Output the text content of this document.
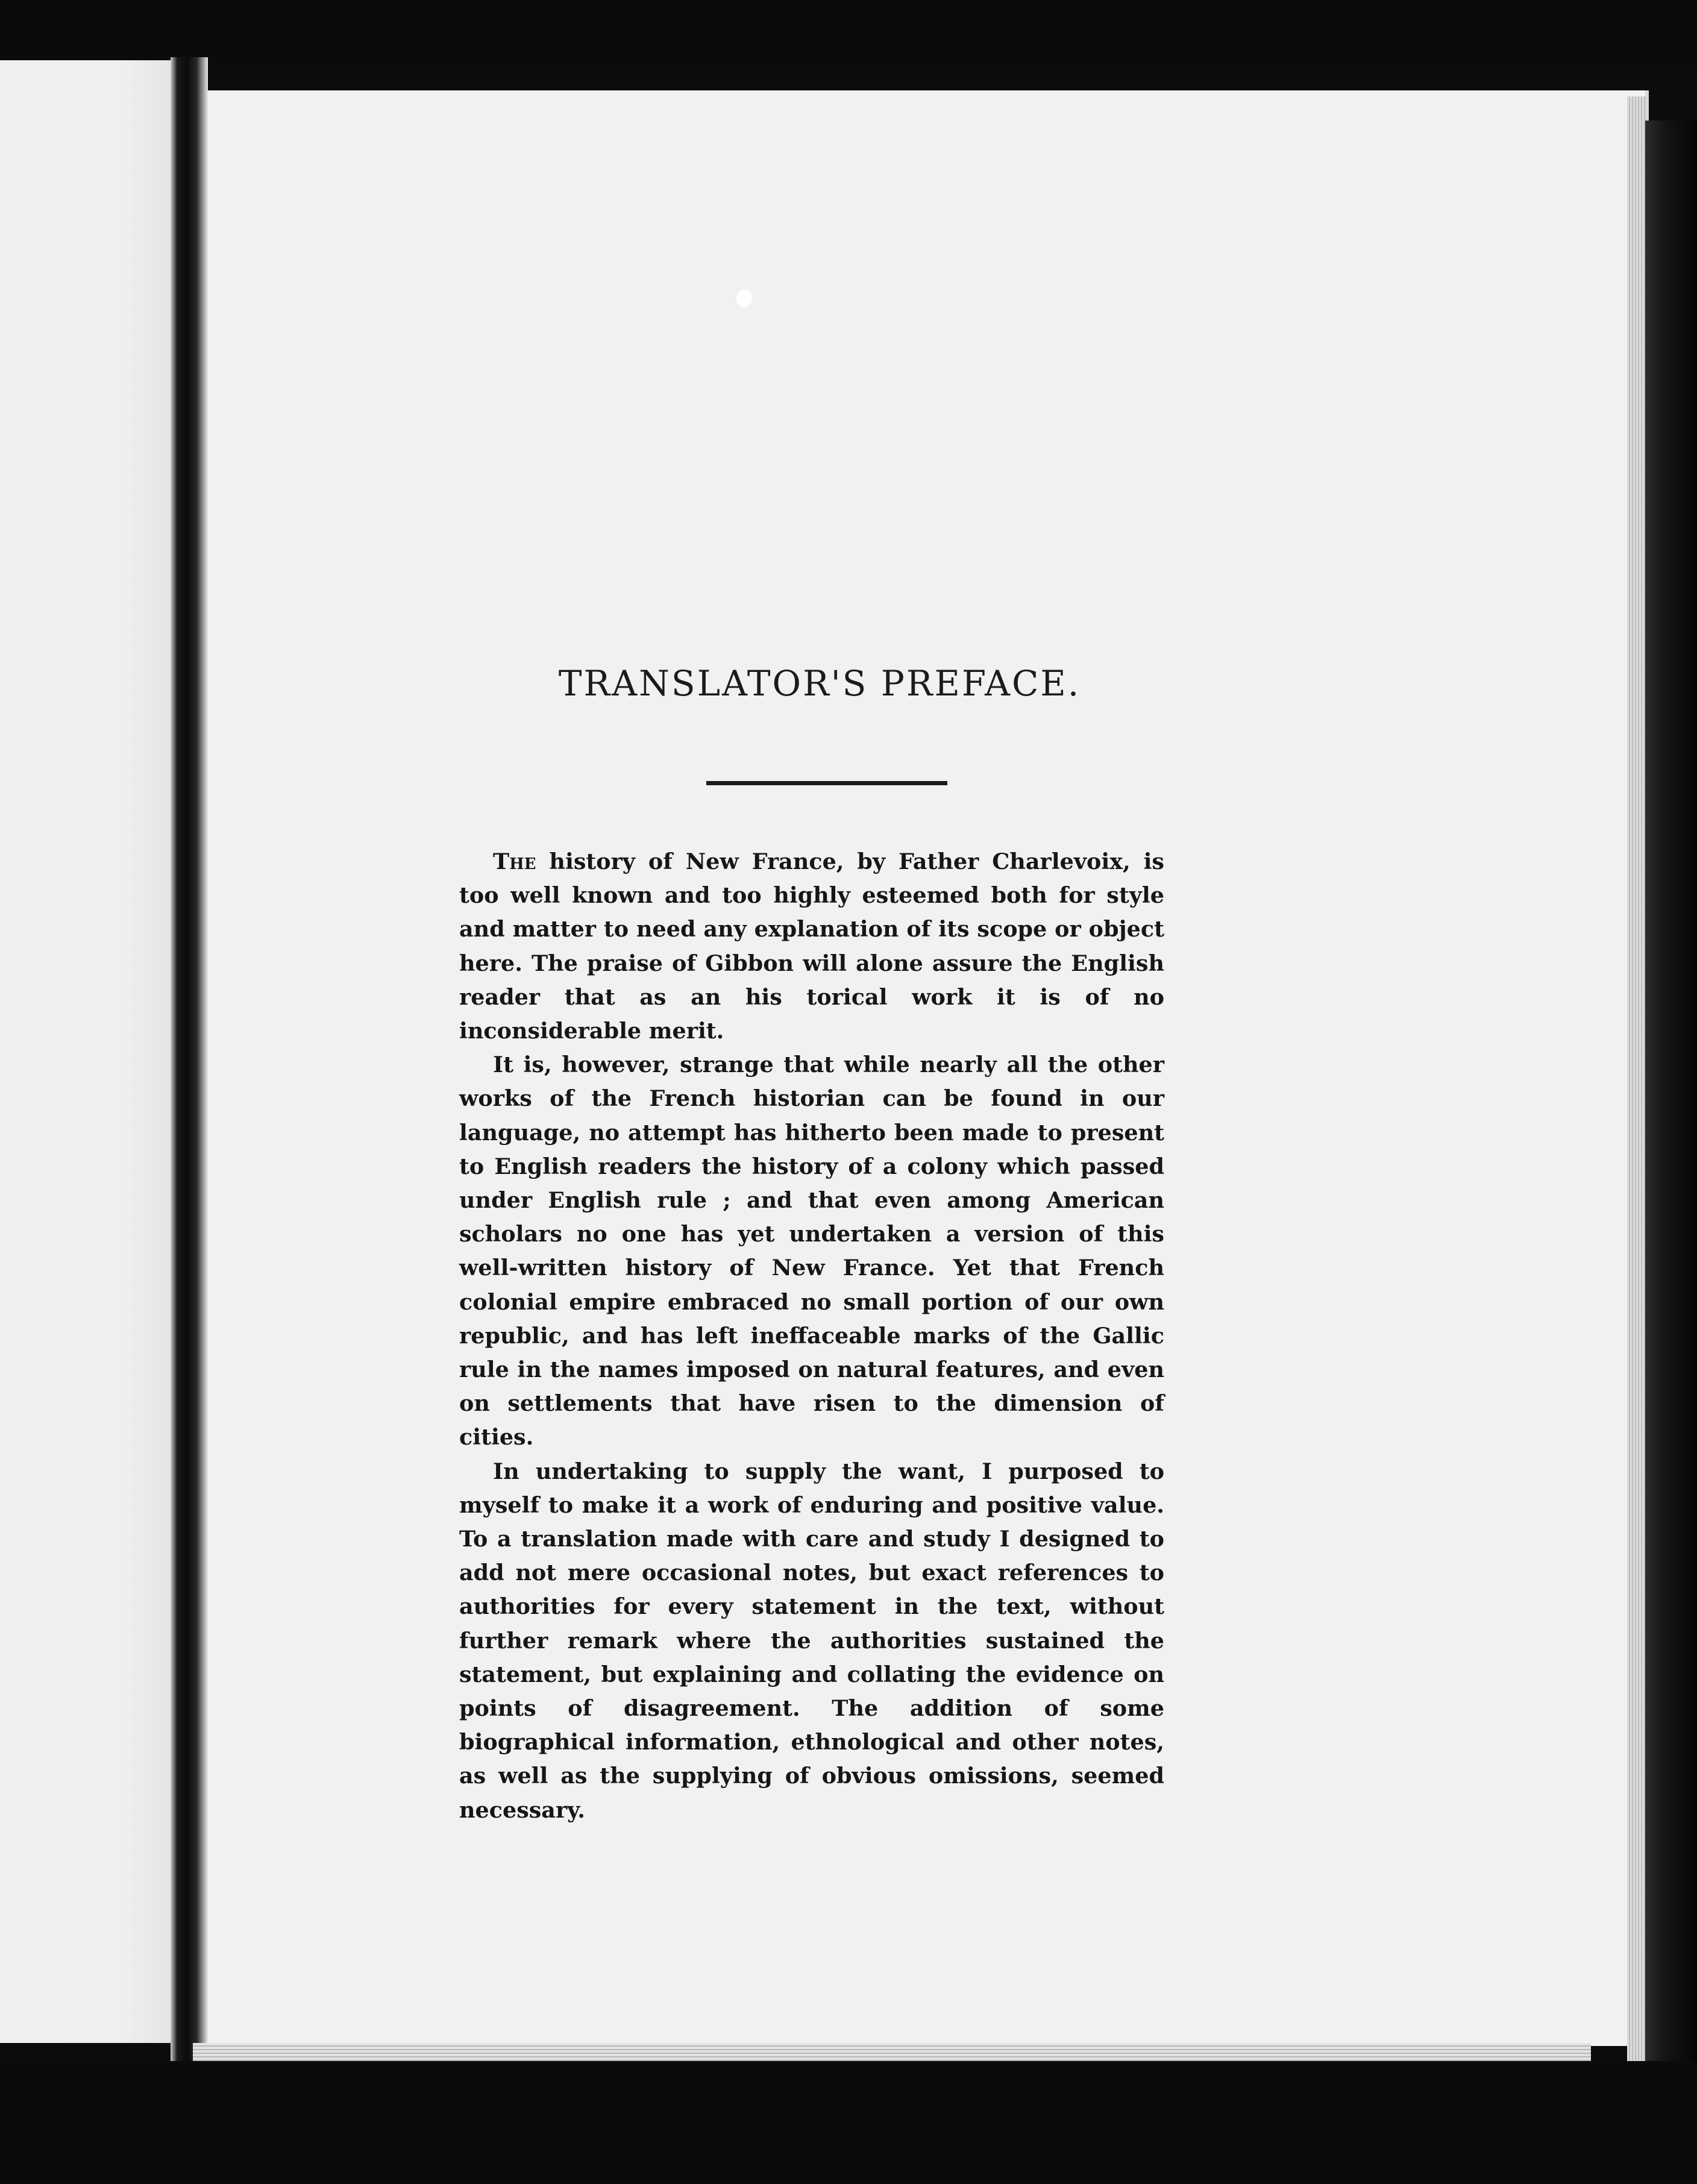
TRANSLATOR'S PREFACE.

The history of New France, by Father Charlevoix, is too well known and too highly esteemed both for style and matter to need any explanation of its scope or object here. The praise of Gibbon will alone assure the English reader that as an his torical work it is of no inconsiderable merit.

It is, however, strange that while nearly all the other works of the French historian can be found in our language, no attempt has hitherto been made to present to English readers the history of a colony which passed under English rule ; and that even among American scholars no one has yet undertaken a version of this well-written history of New France. Yet that French colonial empire embraced no small portion of our own republic, and has left ineffaceable marks of the Gallic rule in the names imposed on natural features, and even on settlements that have risen to the dimension of cities.

In undertaking to supply the want, I purposed to myself to make it a work of enduring and positive value. To a translation made with care and study I designed to add not mere occasional notes, but exact references to authorities for every statement in the text, without further remark where the authorities sustained the statement, but explaining and collating the evidence on points of disagreement. The addition of some biographical information, ethnological and other notes, as well as the supplying of obvious omissions, seemed necessary.
